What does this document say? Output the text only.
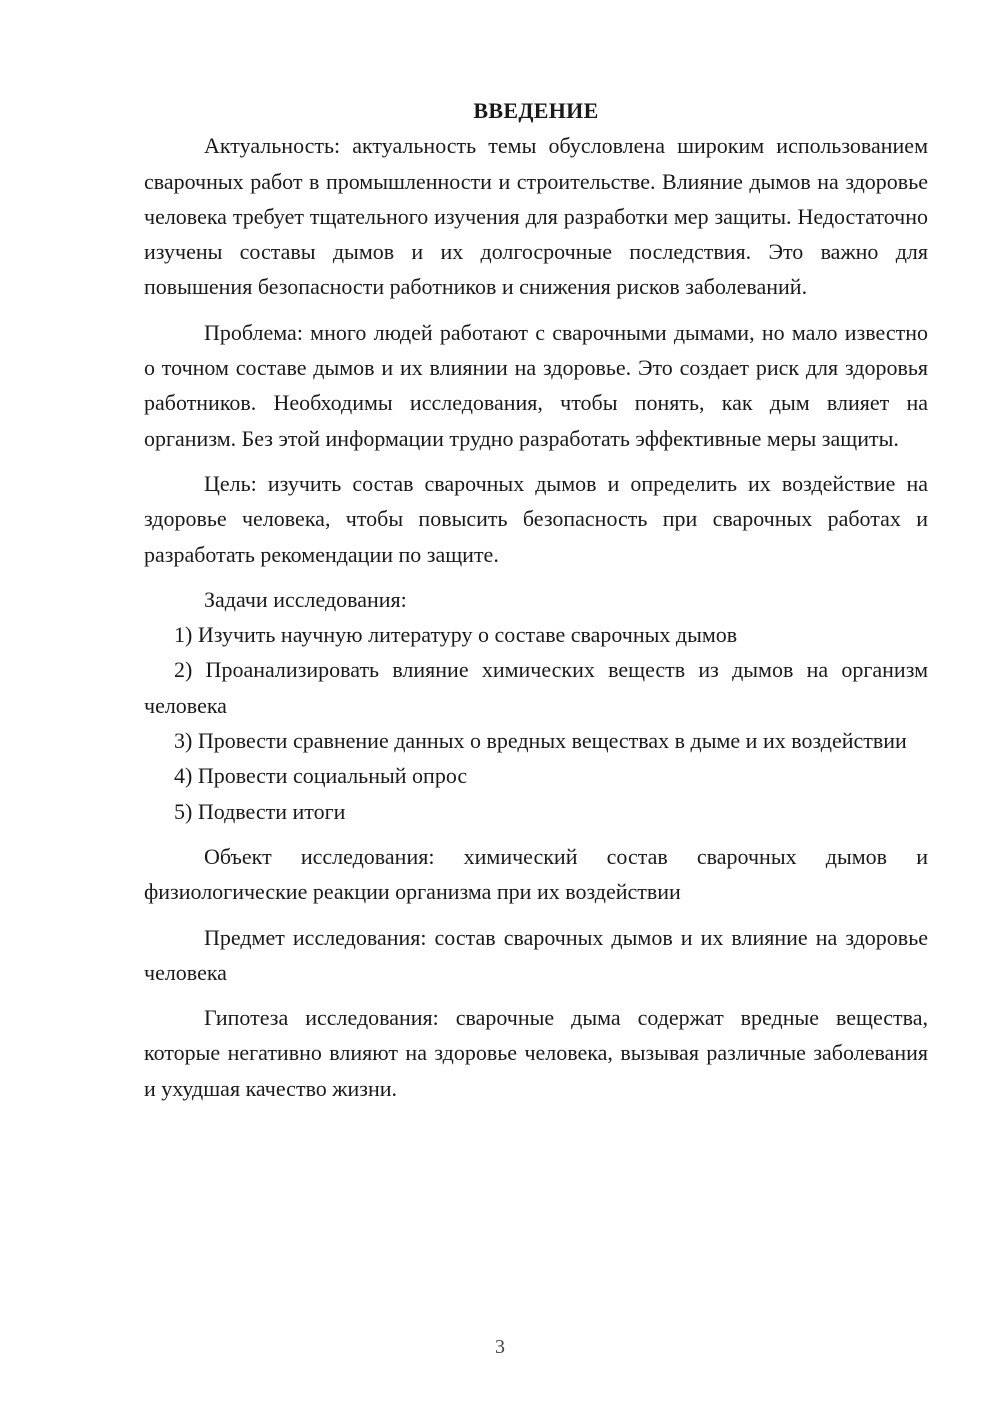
ВВЕДЕНИЕ

Актуальность: актуальность темы обусловлена широким использованием сварочных работ в промышленности и строительстве. Влияние дымов на здоровье человека требует тщательного изучения для разработки мер защиты. Недостаточно изучены составы дымов и их долгосрочные последствия. Это важно для повышения безопасности работников и снижения рисков заболеваний.

Проблема: много людей работают с сварочными дымами, но мало известно о точном составе дымов и их влиянии на здоровье. Это создает риск для здоровья работников. Необходимы исследования, чтобы понять, как дым влияет на организм. Без этой информации трудно разработать эффективные меры защиты.

Цель: изучить состав сварочных дымов и определить их воздействие на здоровье человека, чтобы повысить безопасность при сварочных работах и разработать рекомендации по защите.

Задачи исследования:

1) Изучить научную литературу о составе сварочных дымов

2) Проанализировать влияние химических веществ из дымов на организм человека

3) Провести сравнение данных о вредных веществах в дыме и их воздействии

4) Провести социальный опрос

5) Подвести итоги

Объект исследования: химический состав сварочных дымов и физиологические реакции организма при их воздействии

Предмет исследования: состав сварочных дымов и их влияние на здоровье человека

Гипотеза исследования: сварочные дыма содержат вредные вещества, которые негативно влияют на здоровье человека, вызывая различные заболевания и ухудшая качество жизни.

3
